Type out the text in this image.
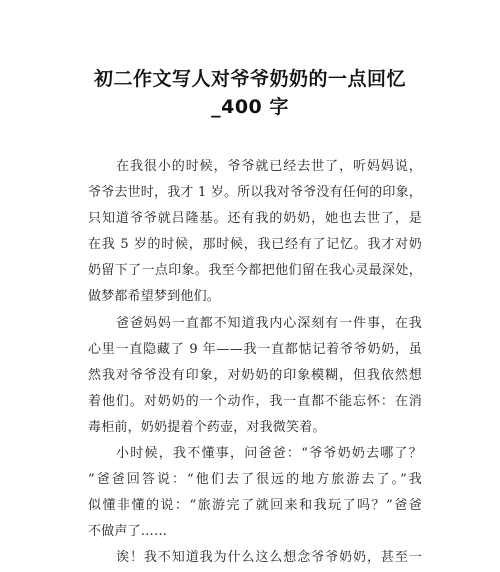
初二作文写人对爷爷奶奶的一点回忆
_400 字
在我很小的时候，爷爷就已经去世了，听妈妈说，
爷爷去世时，我才 1 岁。所以我对爷爷没有任何的印象，
只知道爷爷就吕隆基。还有我的奶奶，她也去世了，是
在我 5 岁的时候，那时候，我已经有了记忆。我才对奶
奶留下了一点印象。我至今都把他们留在我心灵最深处，
做梦都希望梦到他们。
爸爸妈妈一直都不知道我内心深刻有一件事，在我
心里一直隐藏了 9 年——我一直都惦记着爷爷奶奶，虽
然我对爷爷没有印象，对奶奶的印象模糊，但我依然想
着他们。对奶奶的一个动作，我一直都不能忘怀：在消
毒柜前，奶奶提着个药壶，对我微笑着。
小时候，我不懂事，问爸爸：“爷爷奶奶去哪了？
”爸爸回答说：“他们去了很远的地方旅游去了。”我
似懂非懂的说：“旅游完了就回来和我玩了吗？”爸爸
不做声了……
诶！我不知道我为什么这么想念爷爷奶奶，甚至一
